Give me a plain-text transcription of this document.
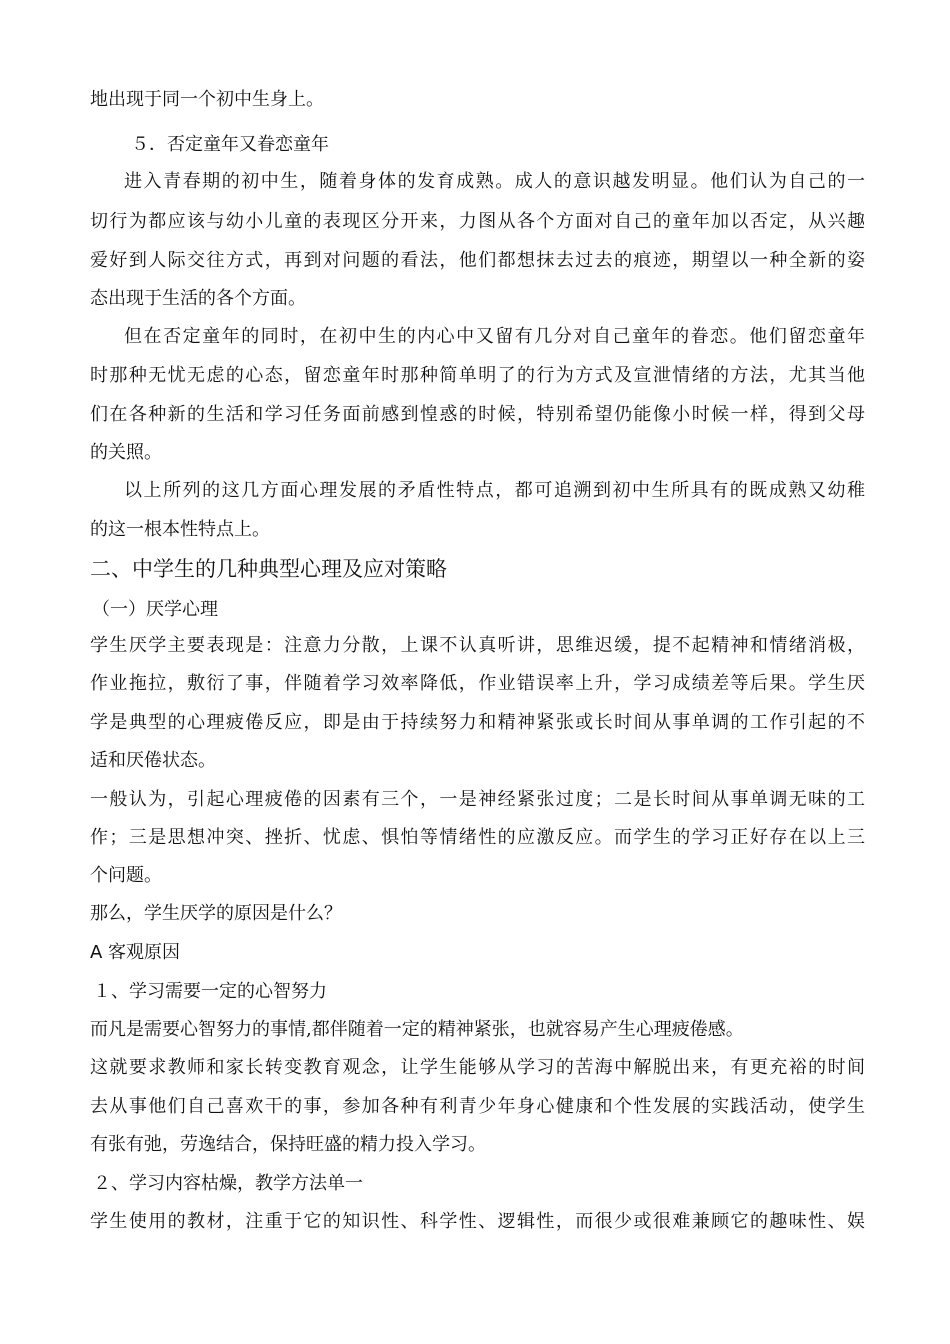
地出现于同一个初中生身上。
５．否定童年又眷恋童年
进入青春期的初中生，随着身体的发育成熟。成人的意识越发明显。他们认为自己的一
切行为都应该与幼小儿童的表现区分开来，力图从各个方面对自己的童年加以否定，从兴趣
爱好到人际交往方式，再到对问题的看法，他们都想抹去过去的痕迹，期望以一种全新的姿
态出现于生活的各个方面。
但在否定童年的同时，在初中生的内心中又留有几分对自己童年的眷恋。他们留恋童年
时那种无忧无虑的心态，留恋童年时那种简单明了的行为方式及宣泄情绪的方法，尤其当他
们在各种新的生活和学习任务面前感到惶惑的时候，特别希望仍能像小时候一样，得到父母
的关照。
以上所列的这几方面心理发展的矛盾性特点，都可追溯到初中生所具有的既成熟又幼稚
的这一根本性特点上。
二、中学生的几种典型心理及应对策略
（一）厌学心理
学生厌学主要表现是：注意力分散，上课不认真听讲，思维迟缓，提不起精神和情绪消极，
作业拖拉，敷衍了事，伴随着学习效率降低，作业错误率上升，学习成绩差等后果。学生厌
学是典型的心理疲倦反应，即是由于持续努力和精神紧张或长时间从事单调的工作引起的不
适和厌倦状态。
一般认为，引起心理疲倦的因素有三个，一是神经紧张过度；二是长时间从事单调无味的工
作；三是思想冲突、挫折、忧虑、惧怕等情绪性的应激反应。而学生的学习正好存在以上三
个问题。
那么，学生厌学的原因是什么？
A 客观原因
１、学习需要一定的心智努力
而凡是需要心智努力的事情,都伴随着一定的精神紧张，也就容易产生心理疲倦感。
这就要求教师和家长转变教育观念，让学生能够从学习的苦海中解脱出来，有更充裕的时间
去从事他们自己喜欢干的事，参加各种有利青少年身心健康和个性发展的实践活动，使学生
有张有弛，劳逸结合，保持旺盛的精力投入学习。
２、学习内容枯燥，教学方法单一
学生使用的教材，注重于它的知识性、科学性、逻辑性，而很少或很难兼顾它的趣味性、娱
